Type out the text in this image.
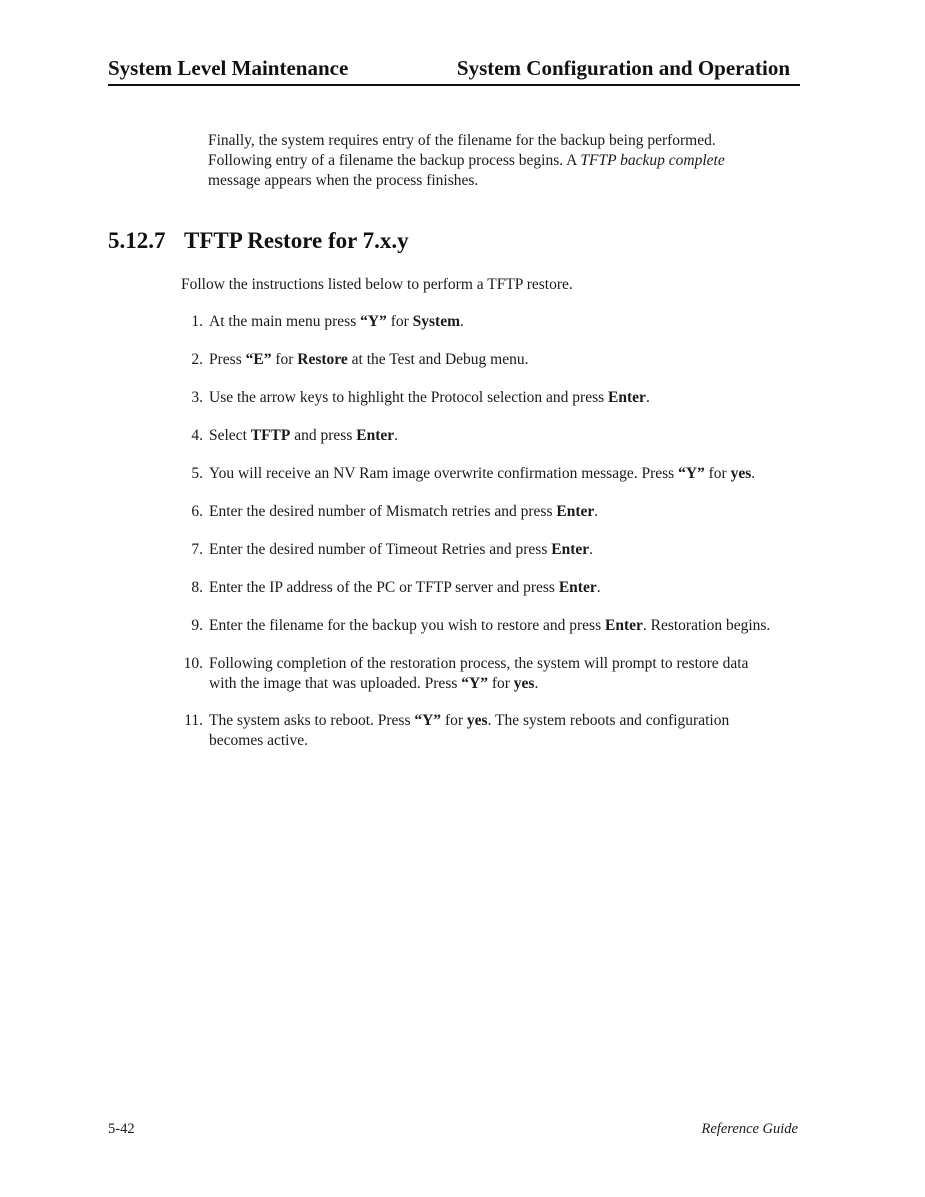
System Level Maintenance	System Configuration and Operation
Finally, the system requires entry of the filename for the backup being performed.
Following entry of a filename the backup process begins. A TFTP backup complete
message appears when the process finishes.
5.12.7 TFTP Restore for 7.x.y
Follow the instructions listed below to perform a TFTP restore.
1. At the main menu press “Y” for System.
2. Press “E” for Restore at the Test and Debug menu.
3. Use the arrow keys to highlight the Protocol selection and press Enter.
4. Select TFTP and press Enter.
5. You will receive an NV Ram image overwrite confirmation message. Press “Y” for yes.
6. Enter the desired number of Mismatch retries and press Enter.
7. Enter the desired number of Timeout Retries and press Enter.
8. Enter the IP address of the PC or TFTP server and press Enter.
9. Enter the filename for the backup you wish to restore and press Enter. Restoration begins.
10. Following completion of the restoration process, the system will prompt to restore data
with the image that was uploaded. Press “Y” for yes.
11. The system asks to reboot. Press “Y” for yes. The system reboots and configuration
becomes active.
5-42	Reference Guide
